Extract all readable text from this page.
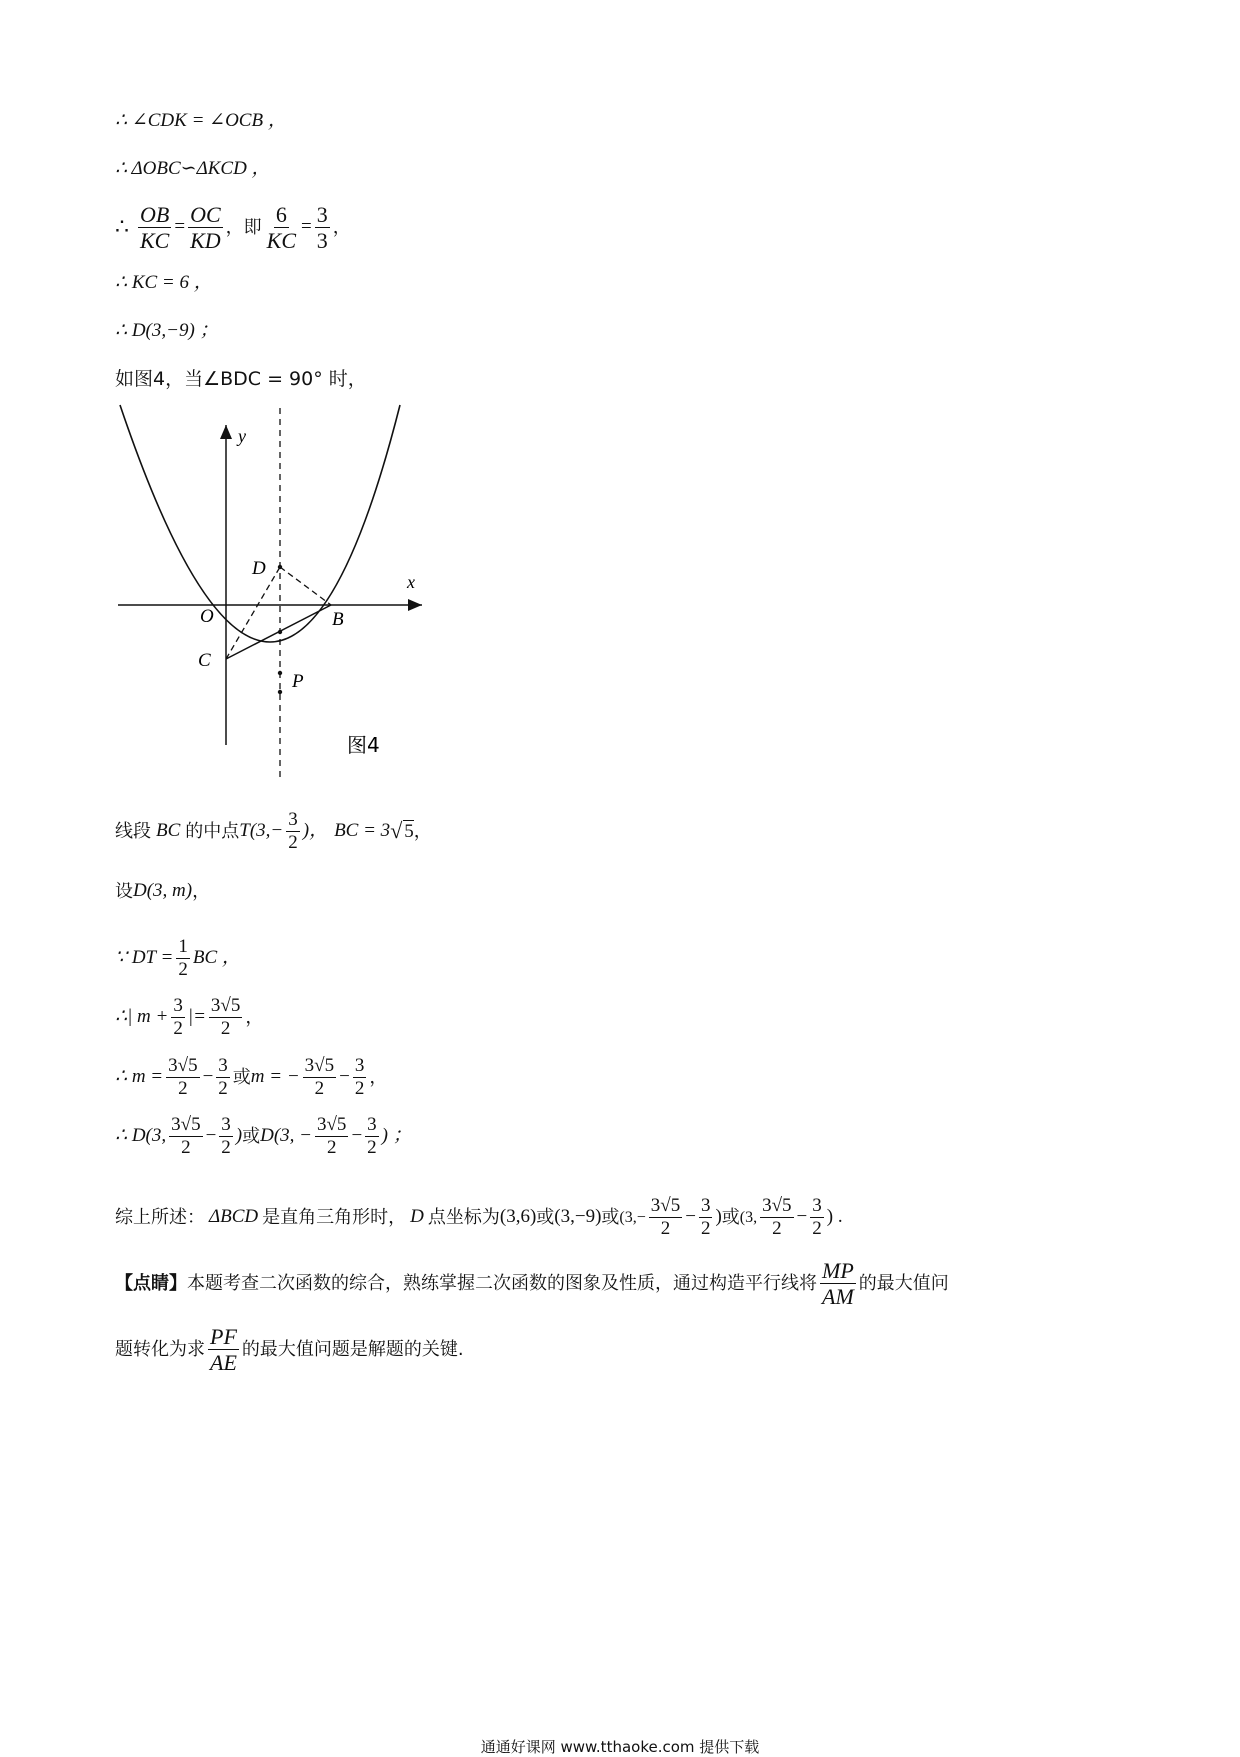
∴ ∠CDK = ∠OCB ，
∴ ΔOBC∽ΔKCD ，
∴ $\frac{OB}{KC} = \frac{OC}{KD}$ ，即 $\frac{6}{KC} = \frac{3}{3}$ ，
∴ KC = 6 ，
∴ D(3,−9) ；
如图4，当∠BDC = 90° 时，
y
x
O	B
C
D
P
图4
线段 BC 的中点 $T(3,- \frac{3}{2}$ )， BC = 3 √ 5 ，
设 D(3, m) ，
∵ DT = $\frac{1}{2}$ BC ，
∴| $m + \frac{3}{2}$ |= $\frac{3√5}{2}$ ，
∴ $m = \frac{3√5}{2} - \frac{3}{2}$ 或 m = − $\frac{3√5}{2} - \frac{3}{2}$ ，
∴ D(3, $\frac{3√5}{2} - \frac{3}{2}$ ) 或 D(3, − $\frac{3√5}{2} - \frac{3}{2}$ ) ；
综上所述： ΔBCD 是直角三角形时， D 点坐标为 (3,6) 或 (3,−9) 或 ($3,- \frac{3√5}{2} - \frac{3}{2}$ ) 或 (3, $\frac{3√5}{2} - \frac{3}{2}$ ) .
【点睛】 本题考查二次函数的综合，熟练掌握二次函数的图象及性质，通过构造平行线将 $\frac{MP}{AM}$ 的最大值问
题转化为求 $\frac{PF}{AE}$ 的最大值问题是解题的关键.
通通好课网 www.tthaoke.com 提供下载
